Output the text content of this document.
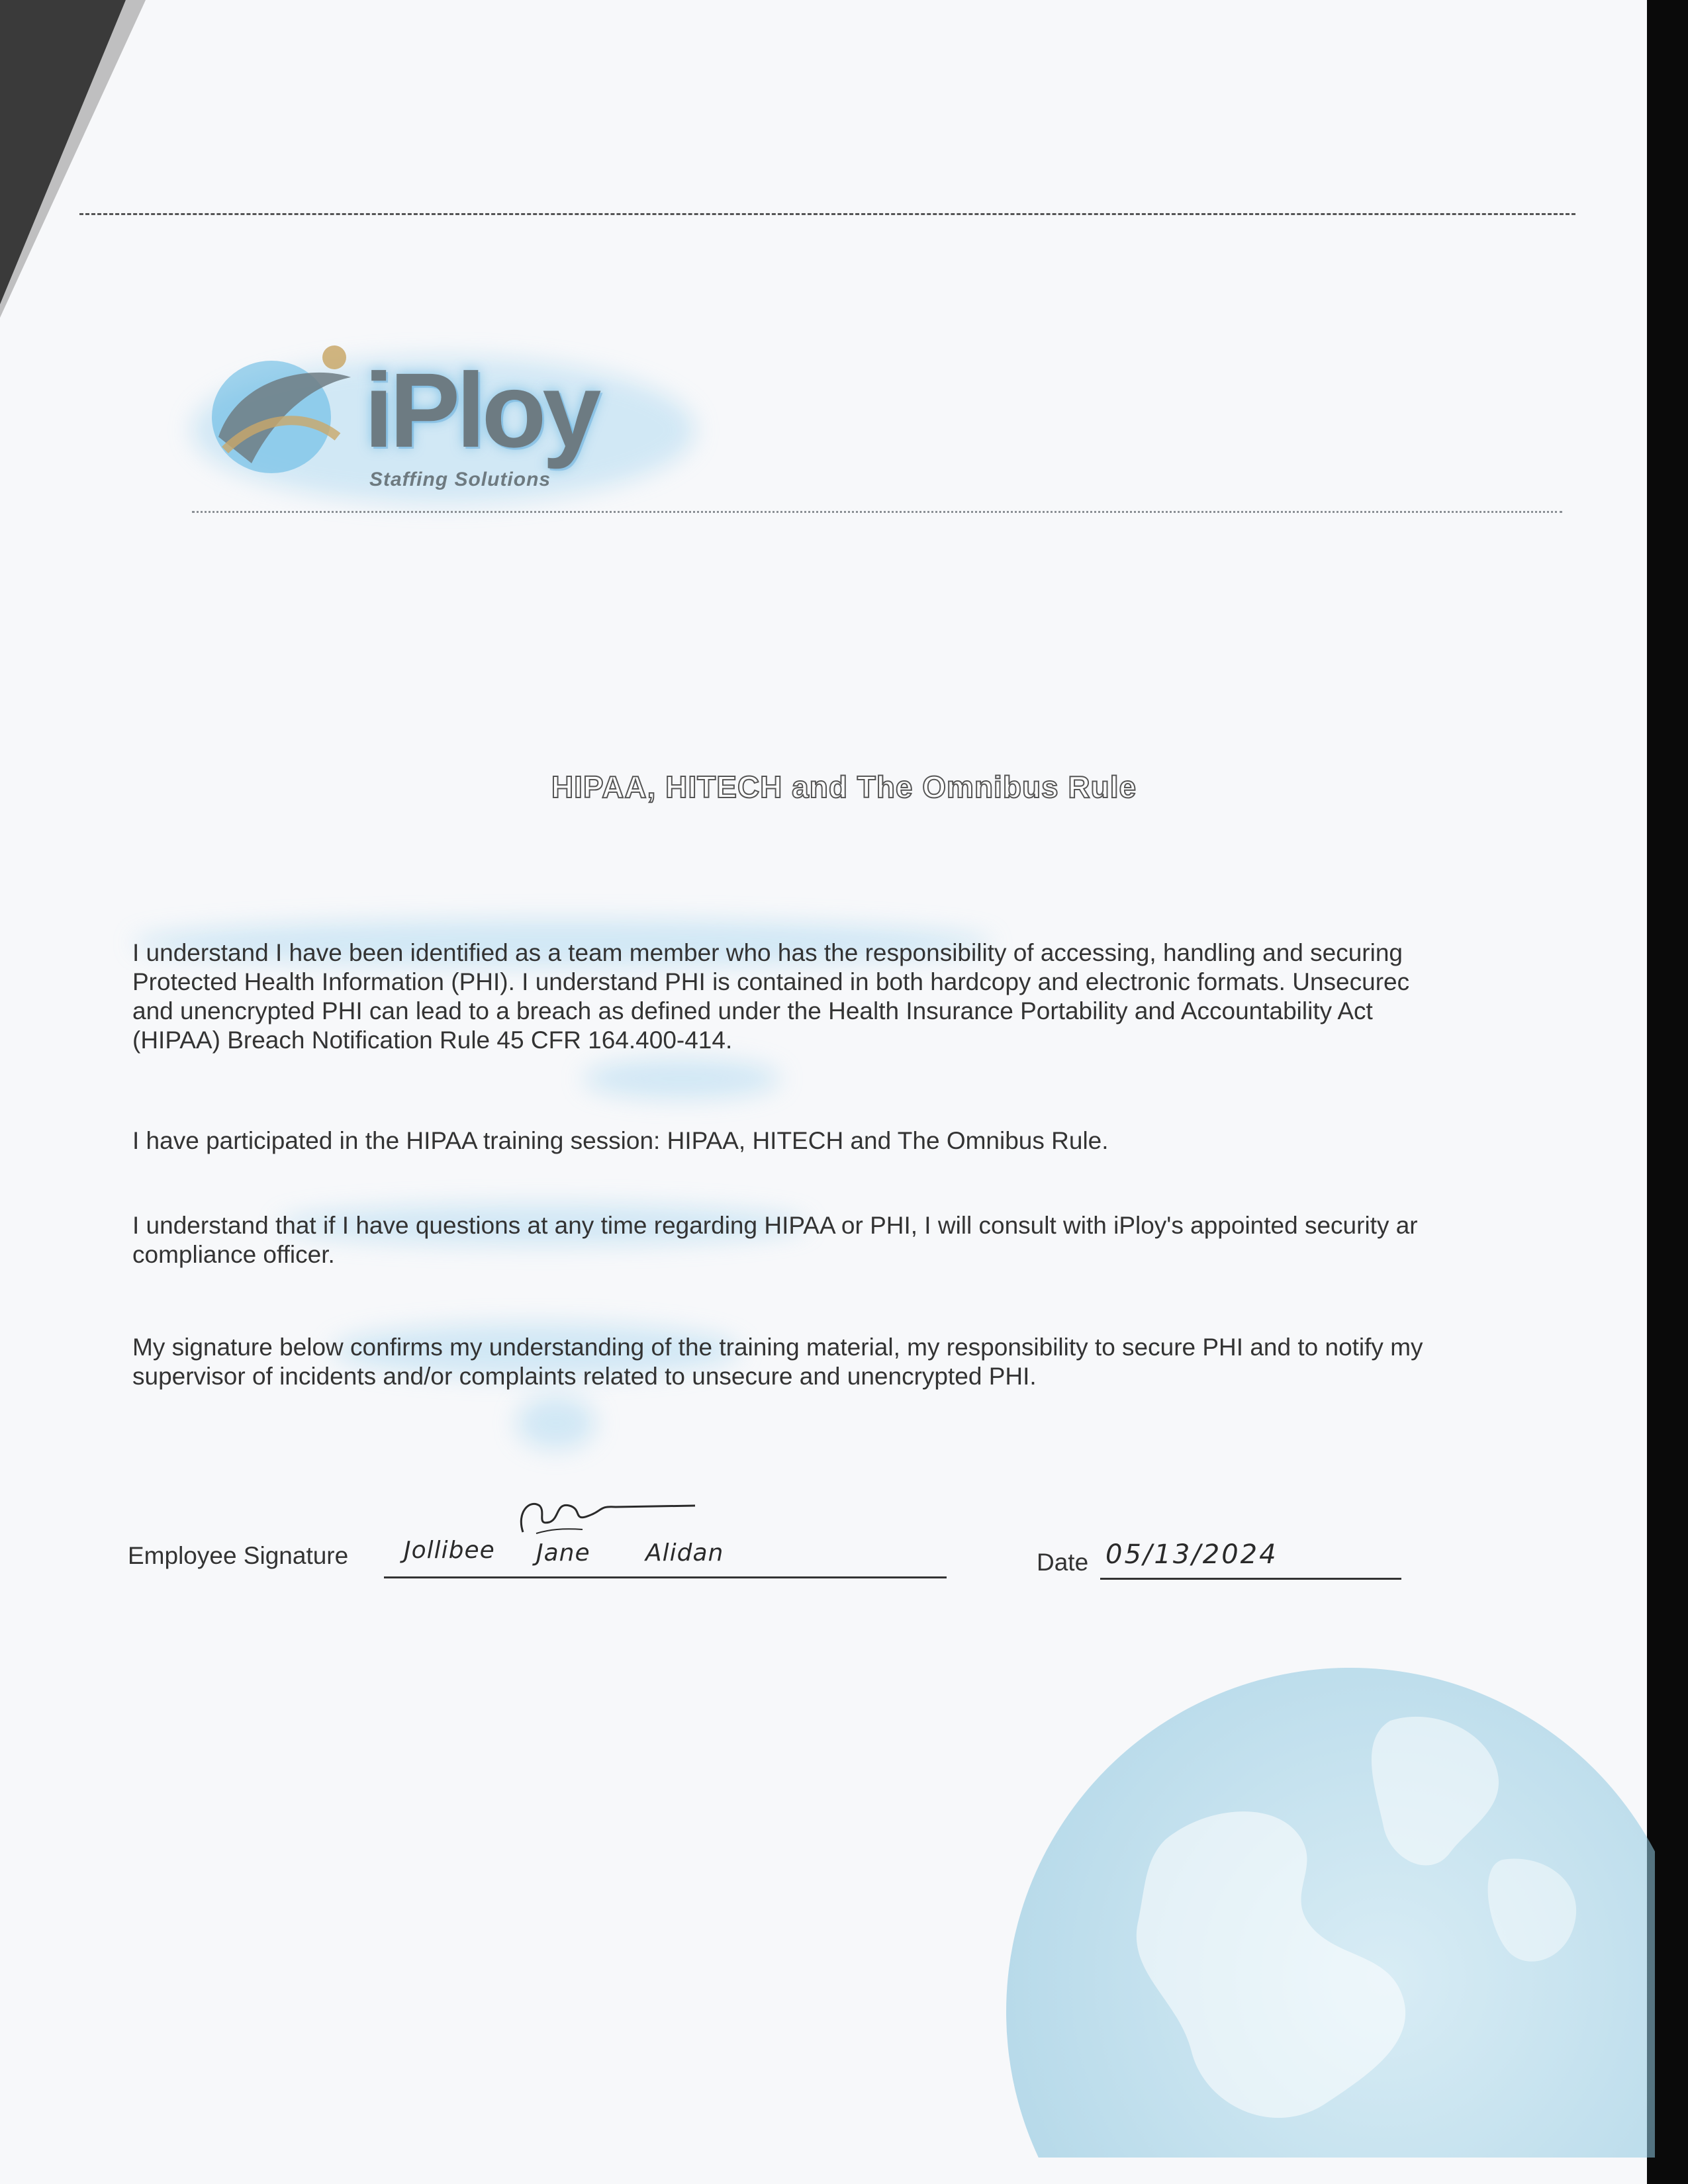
iPloy
Staffing Solutions
HIPAA, HITECH and The Omnibus Rule
I understand I have been identified as a team member who has the responsibility of accessing, handling and securing
Protected Health Information (PHI). I understand PHI is contained in both hardcopy and electronic formats. Unsecurec
and unencrypted PHI can lead to a breach as defined under the Health Insurance Portability and Accountability Act
(HIPAA) Breach Notification Rule 45 CFR 164.400-414.
I have participated in the HIPAA training session: HIPAA, HITECH and The Omnibus Rule.
I understand that if I have questions at any time regarding HIPAA or PHI, I will consult with iPloy's appointed security ar
compliance officer.
My signature below confirms my understanding of the training material, my responsibility to secure PHI and to notify my
supervisor of incidents and/or complaints related to unsecure and unencrypted PHI.
Employee Signature Jollibee Jane Alidan	Date 05/13/2024
